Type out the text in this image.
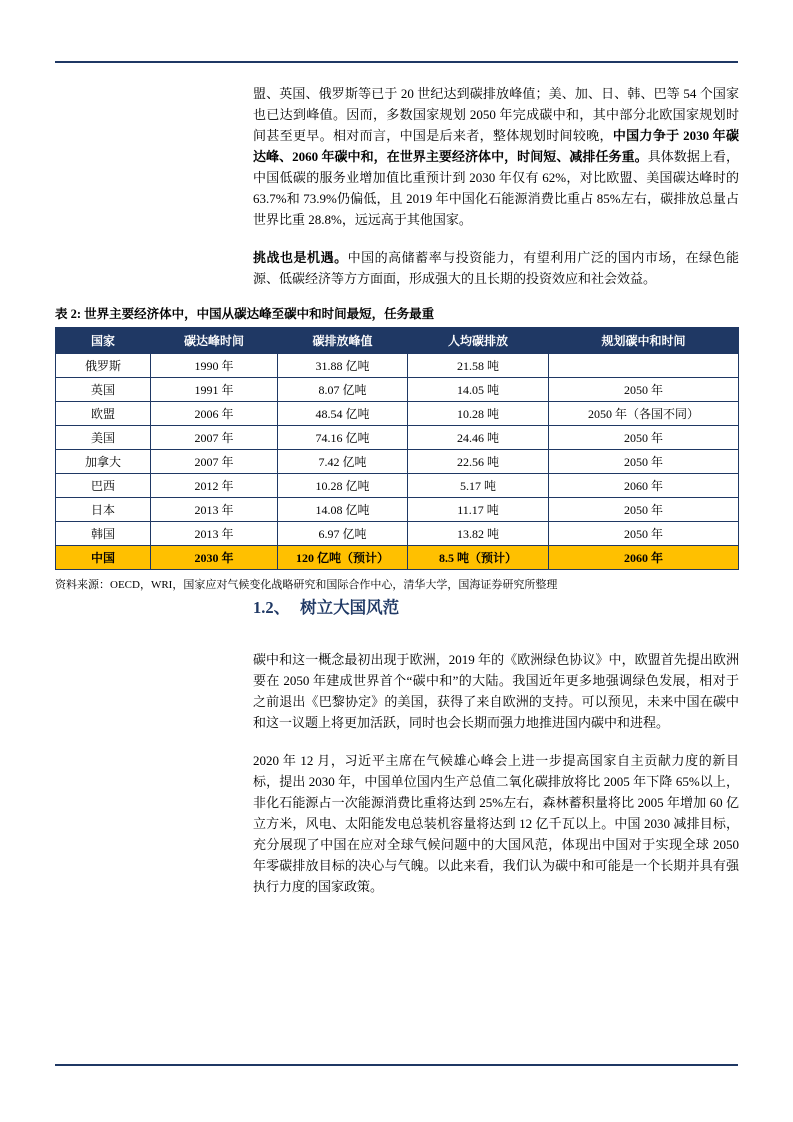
盟、英国、俄罗斯等已于 20 世纪达到碳排放峰值；美、加、日、韩、巴等 54 个国家也已达到峰值。因而，多数国家规划 2050 年完成碳中和，其中部分北欧国家规划时间甚至更早。相对而言，中国是后来者，整体规划时间较晚，中国力争于 2030 年碳达峰、2060 年碳中和，在世界主要经济体中，时间短、减排任务重。具体数据上看，中国低碳的服务业增加值比重预计到 2030 年仅有 62%，对比欧盟、美国碳达峰时的 63.7%和 73.9%仍偏低，且 2019 年中国化石能源消费比重占 85%左右，碳排放总量占世界比重 28.8%，远远高于其他国家。

挑战也是机遇。中国的高储蓄率与投资能力，有望利用广泛的国内市场，在绿色能源、低碳经济等方方面面，形成强大的且长期的投资效应和社会效益。

表 2: 世界主要经济体中，中国从碳达峰至碳中和时间最短，任务最重
国家	碳达峰时间	碳排放峰值	人均碳排放	规划碳中和时间
俄罗斯	1990 年	31.88 亿吨	21.58 吨	
英国	1991 年	8.07 亿吨	14.05 吨	2050 年
欧盟	2006 年	48.54 亿吨	10.28 吨	2050 年（各国不同）
美国	2007 年	74.16 亿吨	24.46 吨	2050 年
加拿大	2007 年	7.42 亿吨	22.56 吨	2050 年
巴西	2012 年	10.28 亿吨	5.17 吨	2060 年
日本	2013 年	14.08 亿吨	11.17 吨	2050 年
韩国	2013 年	6.97 亿吨	13.82 吨	2050 年
中国	2030 年	120 亿吨（预计）	8.5 吨（预计）	2060 年
资料来源：OECD，WRI，国家应对气候变化战略研究和国际合作中心，清华大学，国海证券研究所整理
1.2、 树立大国风范

碳中和这一概念最初出现于欧洲，2019 年的《欧洲绿色协议》中，欧盟首先提出欧洲要在 2050 年建成世界首个“碳中和”的大陆。我国近年更多地强调绿色发展，相对于之前退出《巴黎协定》的美国，获得了来自欧洲的支持。可以预见，未来中国在碳中和这一议题上将更加活跃，同时也会长期而强力地推进国内碳中和进程。

2020 年 12 月，习近平主席在气候雄心峰会上进一步提高国家自主贡献力度的新目标，提出 2030 年，中国单位国内生产总值二氧化碳排放将比 2005 年下降 65%以上，非化石能源占一次能源消费比重将达到 25%左右，森林蓄积量将比 2005 年增加 60 亿立方米，风电、太阳能发电总装机容量将达到 12 亿千瓦以上。中国 2030 减排目标，充分展现了中国在应对全球气候问题中的大国风范，体现出中国对于实现全球 2050 年零碳排放目标的决心与气魄。以此来看，我们认为碳中和可能是一个长期并具有强执行力度的国家政策。
